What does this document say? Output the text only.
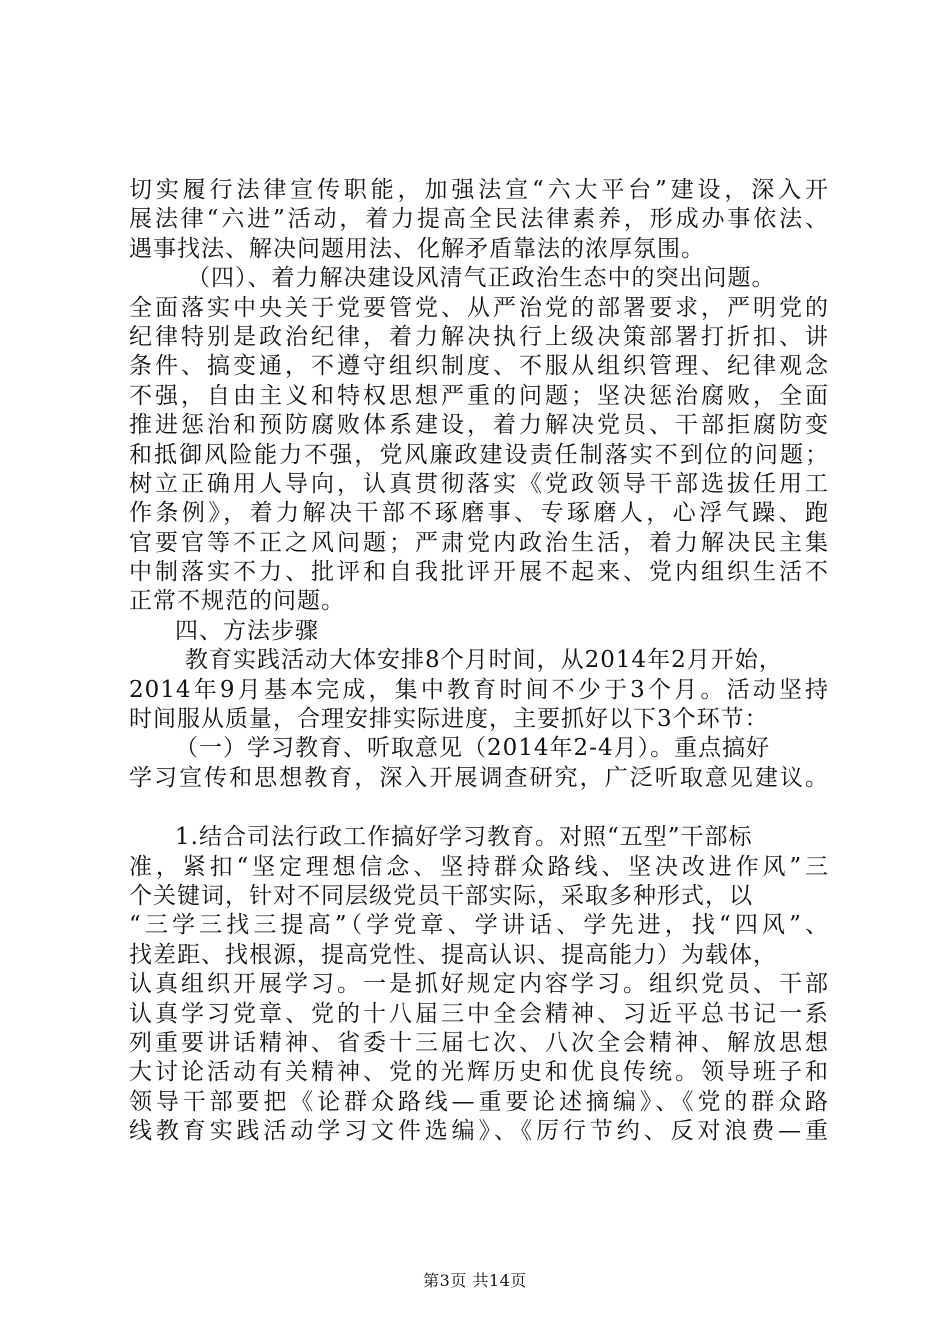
切实履行法律宣传职能，加强法宣“六大平台”建设，深入开
展法律“六进”活动，着力提高全民法律素养，形成办事依法、
遇事找法、解决问题用法、化解矛盾靠法的浓厚氛围。
（四）、着力解决建设风清气正政治生态中的突出问题。
全面落实中央关于党要管党、从严治党的部署要求，严明党的
纪律特别是政治纪律，着力解决执行上级决策部署打折扣、讲
条件、搞变通，不遵守组织制度、不服从组织管理、纪律观念
不强，自由主义和特权思想严重的问题；坚决惩治腐败，全面
推进惩治和预防腐败体系建设，着力解决党员、干部拒腐防变
和抵御风险能力不强，党风廉政建设责任制落实不到位的问题；
树立正确用人导向，认真贯彻落实《党政领导干部选拔任用工
作条例》，着力解决干部不琢磨事、专琢磨人，心浮气躁、跑
官要官等不正之风问题；严肃党内政治生活，着力解决民主集
中制落实不力、批评和自我批评开展不起来、党内组织生活不
正常不规范的问题。
四、方法步骤
教育实践活动大体安排8个月时间，从2014年2月开始，
2014年9月基本完成，集中教育时间不少于3个月。活动坚持
时间服从质量，合理安排实际进度，主要抓好以下3个环节：
（一）学习教育、听取意见（2014年2-4月）。重点搞好
学习宣传和思想教育，深入开展调查研究，广泛听取意见建议。
1.结合司法行政工作搞好学习教育。对照“五型”干部标
准，紧扣“坚定理想信念、坚持群众路线、坚决改进作风”三
个关键词，针对不同层级党员干部实际，采取多种形式，以
“三学三找三提高”（学党章、学讲话、学先进，找“四风”、
找差距、找根源，提高党性、提高认识、提高能力）为载体，
认真组织开展学习。一是抓好规定内容学习。组织党员、干部
认真学习党章、党的十八届三中全会精神、习近平总书记一系
列重要讲话精神、省委十三届七次、八次全会精神、解放思想
大讨论活动有关精神、党的光辉历史和优良传统。领导班子和
领导干部要把《论群众路线—重要论述摘编》、《党的群众路
线教育实践活动学习文件选编》、《厉行节约、反对浪费—重
第3页 共14页
